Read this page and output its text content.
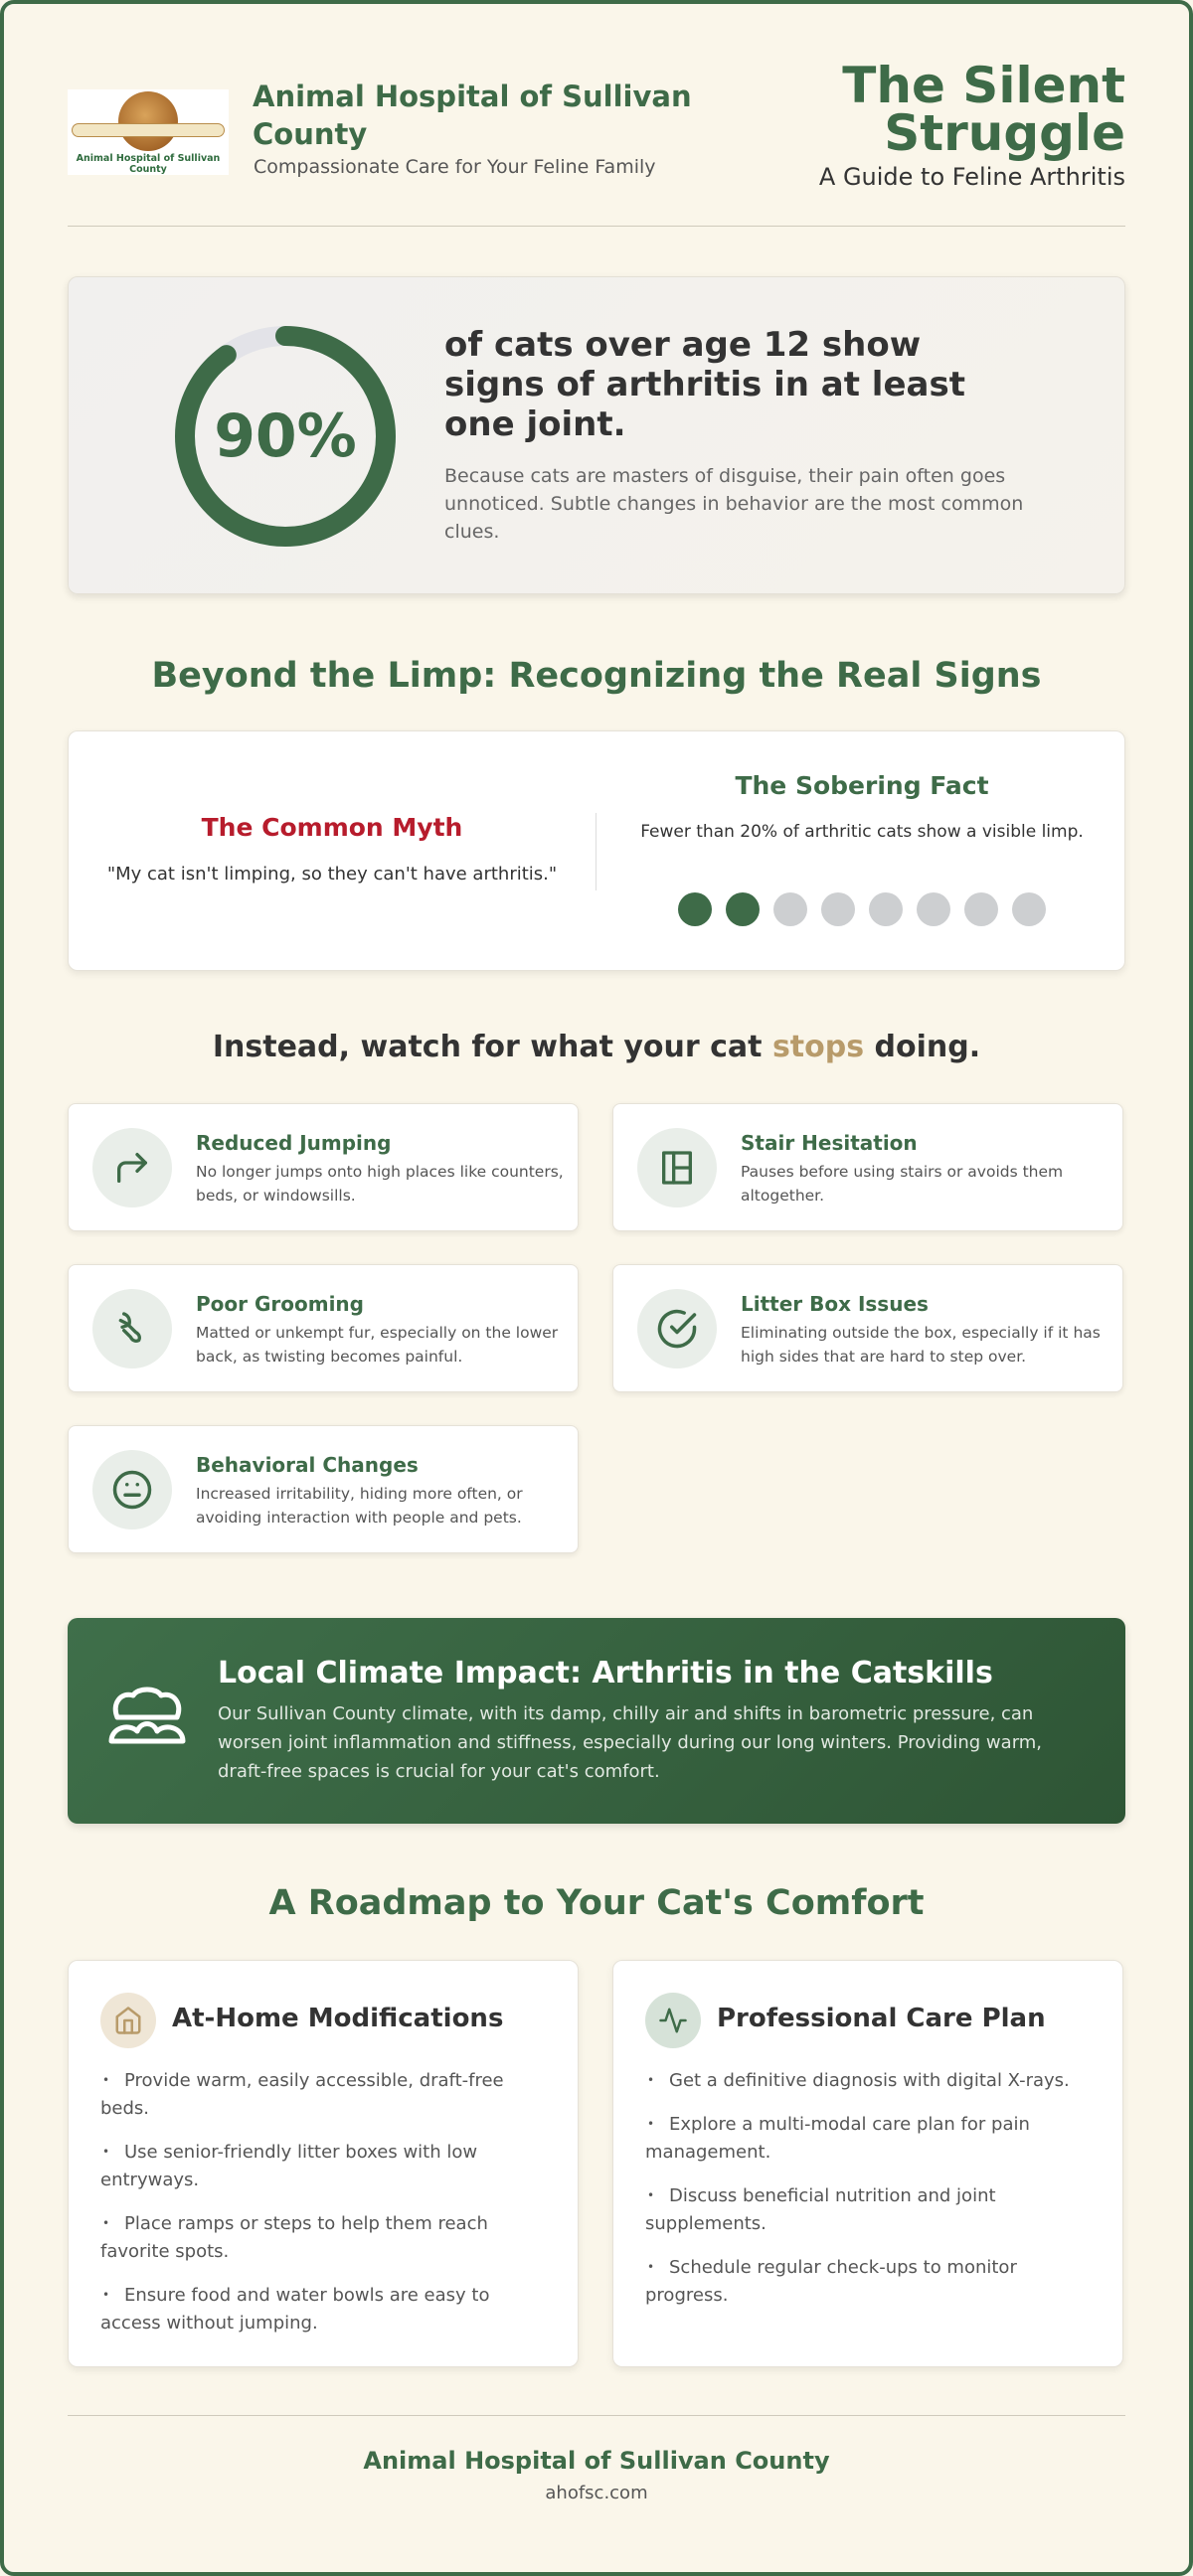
Animal Hospital of Sullivan County
Animal Hospital of Sullivan County
Compassionate Care for Your Feline Family
The Silent Struggle
A Guide to Feline Arthritis
90%
of cats over age 12 show signs of arthritis in at least one joint.
Because cats are masters of disguise, their pain often goes unnoticed. Subtle changes in behavior are the most common clues.
Beyond the Limp: Recognizing the Real Signs
The Common Myth
"My cat isn't limping, so they can't have arthritis."
The Sobering Fact
Fewer than 20% of arthritic cats show a visible limp.
Instead, watch for what your cat stops doing.
Reduced Jumping
No longer jumps onto high places like counters, beds, or windowsills.
Stair Hesitation
Pauses before using stairs or avoids them altogether.
Poor Grooming
Matted or unkempt fur, especially on the lower back, as twisting becomes painful.
Litter Box Issues
Eliminating outside the box, especially if it has high sides that are hard to step over.
Behavioral Changes
Increased irritability, hiding more often, or avoiding interaction with people and pets.
Local Climate Impact: Arthritis in the Catskills
Our Sullivan County climate, with its damp, chilly air and shifts in barometric pressure, can worsen joint inflammation and stiffness, especially during our long winters. Providing warm, draft-free spaces is crucial for your cat's comfort.
A Roadmap to Your Cat's Comfort
At-Home Modifications
• Provide warm, easily accessible, draft-free beds.
• Use senior-friendly litter boxes with low entryways.
• Place ramps or steps to help them reach favorite spots.
• Ensure food and water bowls are easy to access without jumping.
Professional Care Plan
• Get a definitive diagnosis with digital X-rays.
• Explore a multi-modal care plan for pain management.
• Discuss beneficial nutrition and joint supplements.
• Schedule regular check-ups to monitor progress.
Animal Hospital of Sullivan County
ahofsc.com
